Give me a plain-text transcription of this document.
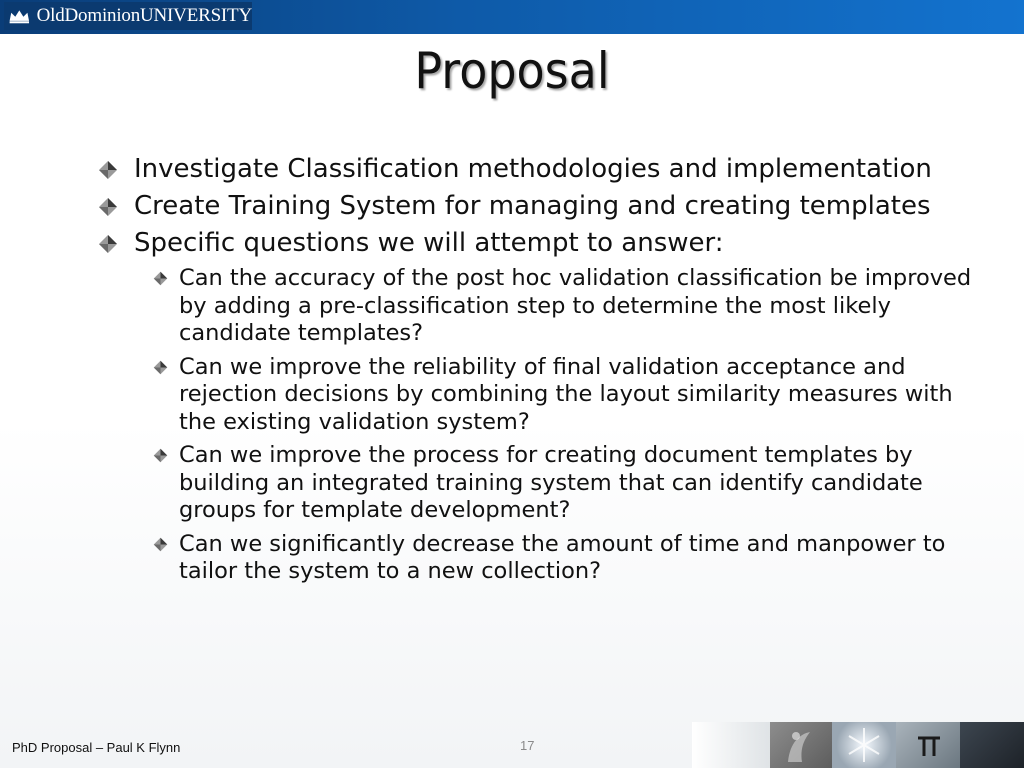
OldDominionUNIVERSITY
Proposal
Investigate Classification methodologies and implementation
Create Training System for managing and creating templates
Specific questions we will attempt to answer:
Can the accuracy of the post hoc validation classification be improved by adding a pre-classification step to determine the most likely candidate templates?
Can we improve the reliability of final validation acceptance and rejection decisions by combining the layout similarity measures with the existing validation system?
Can we improve the process for creating document templates by building an integrated training system that can identify candidate groups for template development?
Can we significantly decrease the amount of time and manpower to tailor the system to a new collection?
PhD Proposal – Paul K Flynn	17
